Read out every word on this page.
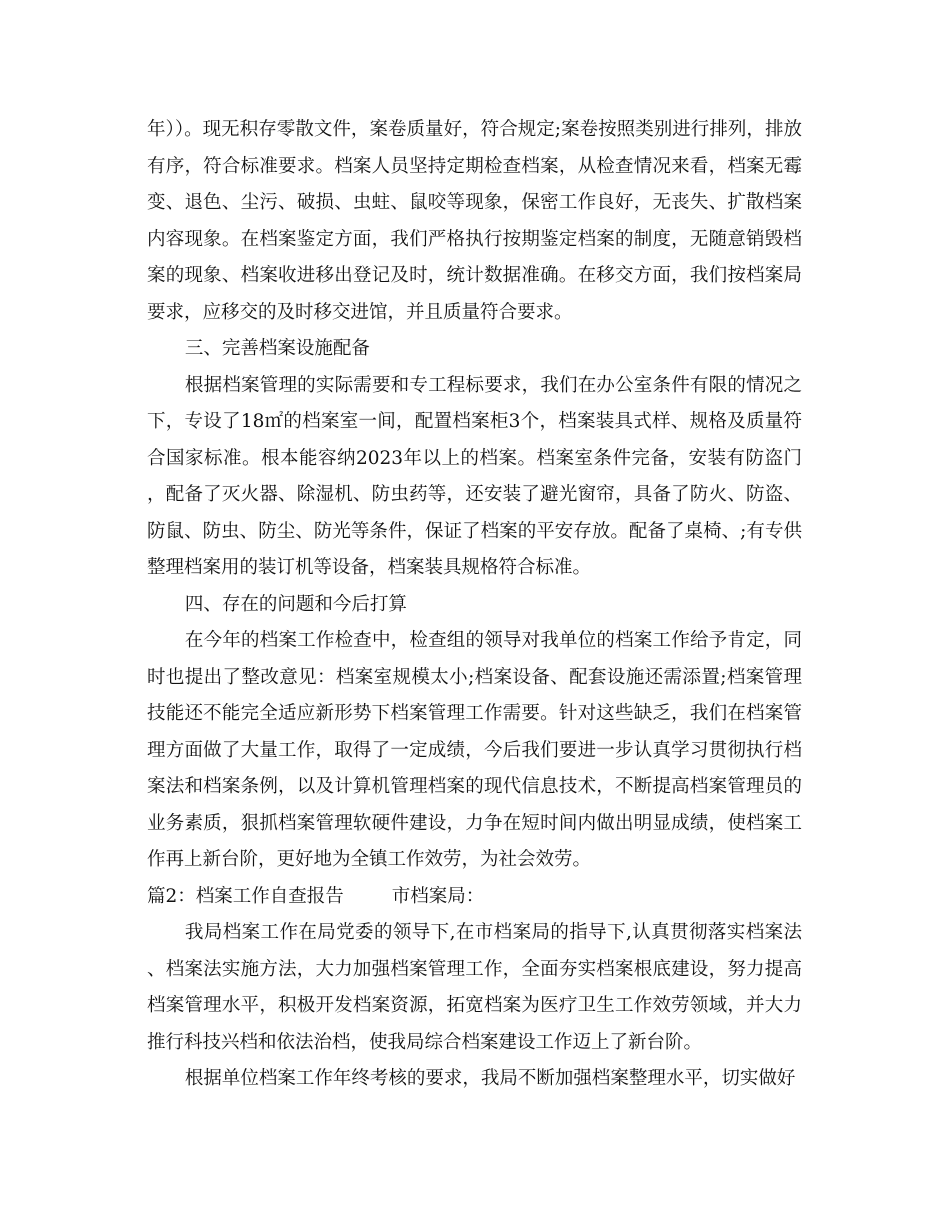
年））。现无积存零散文件，案卷质量好，符合规定;案卷按照类别进行排列，排放有序，符合标准要求。档案人员坚持定期检查档案，从检查情况来看，档案无霉变、退色、尘污、破损、虫蛀、鼠咬等现象，保密工作良好，无丧失、扩散档案内容现象。在档案鉴定方面，我们严格执行按期鉴定档案的制度，无随意销毁档案的现象、档案收进移出登记及时，统计数据准确。在移交方面，我们按档案局要求，应移交的及时移交进馆，并且质量符合要求。

三、完善档案设施配备

根据档案管理的实际需要和专工程标要求，我们在办公室条件有限的情况之下，专设了18㎡的档案室一间，配置档案柜3个，档案装具式样、规格及质量符合国家标准。根本能容纳2023年以上的档案。档案室条件完备，安装有防盗门，配备了灭火器、除湿机、防虫药等，还安装了避光窗帘，具备了防火、防盗、防鼠、防虫、防尘、防光等条件，保证了档案的平安存放。配备了桌椅、;有专供整理档案用的装订机等设备，档案装具规格符合标准。

四、存在的问题和今后打算

在今年的档案工作检查中，检查组的领导对我单位的档案工作给予肯定，同时也提出了整改意见：档案室规模太小;档案设备、配套设施还需添置;档案管理技能还不能完全适应新形势下档案管理工作需要。针对这些缺乏，我们在档案管理方面做了大量工作，取得了一定成绩，今后我们要进一步认真学习贯彻执行档案法和档案条例，以及计算机管理档案的现代信息技术，不断提高档案管理员的业务素质，狠抓档案管理软硬件建设，力争在短时间内做出明显成绩，使档案工作再上新台阶，更好地为全镇工作效劳，为社会效劳。

篇2：档案工作自查报告	市档案局：

我局档案工作在局党委的领导下,在市档案局的指导下,认真贯彻落实档案法、档案法实施方法，大力加强档案管理工作，全面夯实档案根底建设，努力提高档案管理水平，积极开发档案资源，拓宽档案为医疗卫生工作效劳领域，并大力推行科技兴档和依法治档，使我局综合档案建设工作迈上了新台阶。

根据单位档案工作年终考核的要求，我局不断加强档案整理水平，切实做好
